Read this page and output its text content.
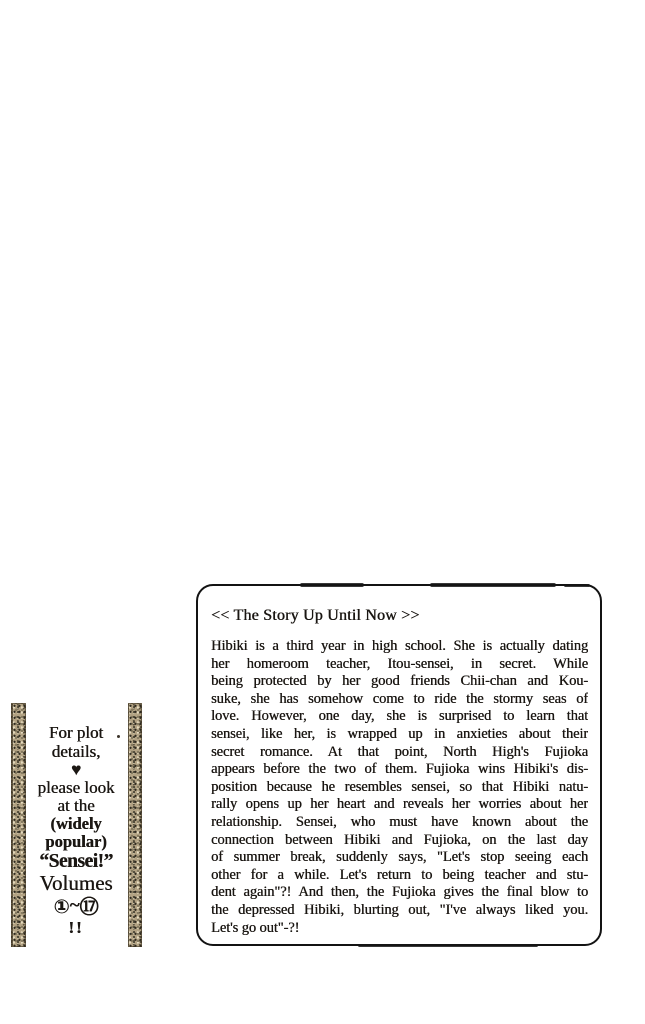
For plot
details,
♥
please look
at the
(widely
popular)
“Sensei!”
Volumes
①~⑰
!!
<< The Story Up Until Now >>
Hibiki is a third year in high school. She is actually dating
her homeroom teacher, Itou-sensei, in secret. While
being protected by her good friends Chii-chan and Kou-
suke, she has somehow come to ride the stormy seas of
love. However, one day, she is surprised to learn that
sensei, like her, is wrapped up in anxieties about their
secret romance. At that point, North High's Fujioka
appears before the two of them. Fujioka wins Hibiki's dis-
position because he resembles sensei, so that Hibiki natu-
rally opens up her heart and reveals her worries about her
relationship. Sensei, who must have known about the
connection between Hibiki and Fujioka, on the last day
of summer break, suddenly says, "Let's stop seeing each
other for a while. Let's return to being teacher and stu-
dent again"?! And then, the Fujioka gives the final blow to
the depressed Hibiki, blurting out, "I've always liked you.
Let's go out"-?!
